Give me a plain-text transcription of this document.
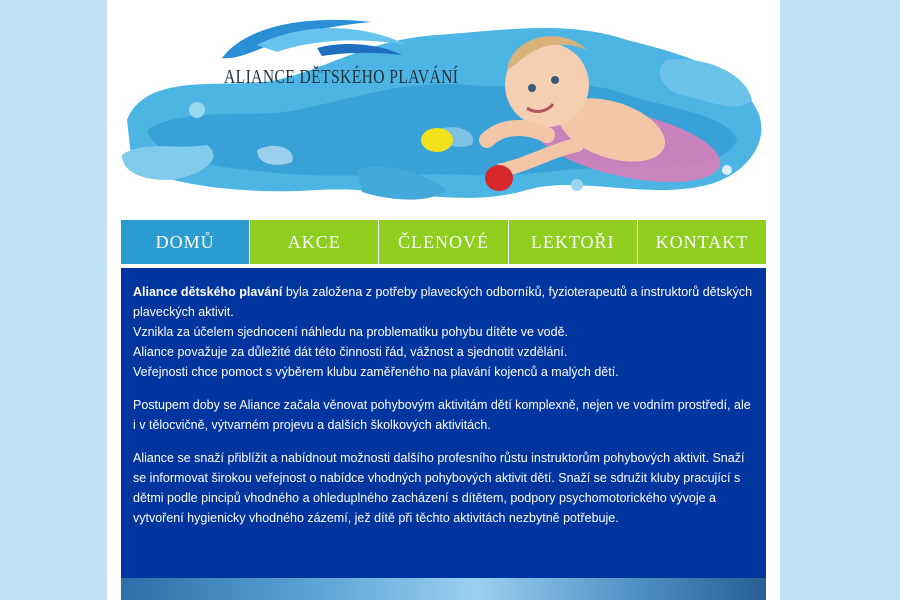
ALIANCE DĚTSKÉHO PLAVÁNÍ
DOMŮ	AKCE	ČLENOVÉ	LEKTOŘI	KONTAKT

Aliance dětského plavání byla založena z potřeby plaveckých odborníků, fyzioterapeutů a instruktorů dětských plaveckých aktivit.
Vznikla za účelem sjednocení náhledu na problematiku pohybu dítěte ve vodě.
Aliance považuje za důležité dát této činnosti řád, vážnost a sjednotit vzdělání.
Veřejnosti chce pomoct s výběrem klubu zaměřeného na plavání kojenců a malých dětí.

Postupem doby se Aliance začala věnovat pohybovým aktivitám dětí komplexně, nejen ve vodním prostředí, ale i v tělocvičně, výtvarném projevu a dalších školkových aktivitách.

Aliance se snaží přiblížit a nabídnout možnosti dalšího profesního růstu instruktorům pohybových aktivit. Snaží se informovat širokou veřejnost o nabídce vhodných pohybových aktivit dětí. Snaží se sdružit kluby pracující s dětmi podle pincipů vhodného a ohleduplného zacházení s dítětem, podpory psychomotorického vývoje a vytvoření hygienicky vhodného zázemí, jež dítě při těchto aktivitách nezbytně potřebuje.
